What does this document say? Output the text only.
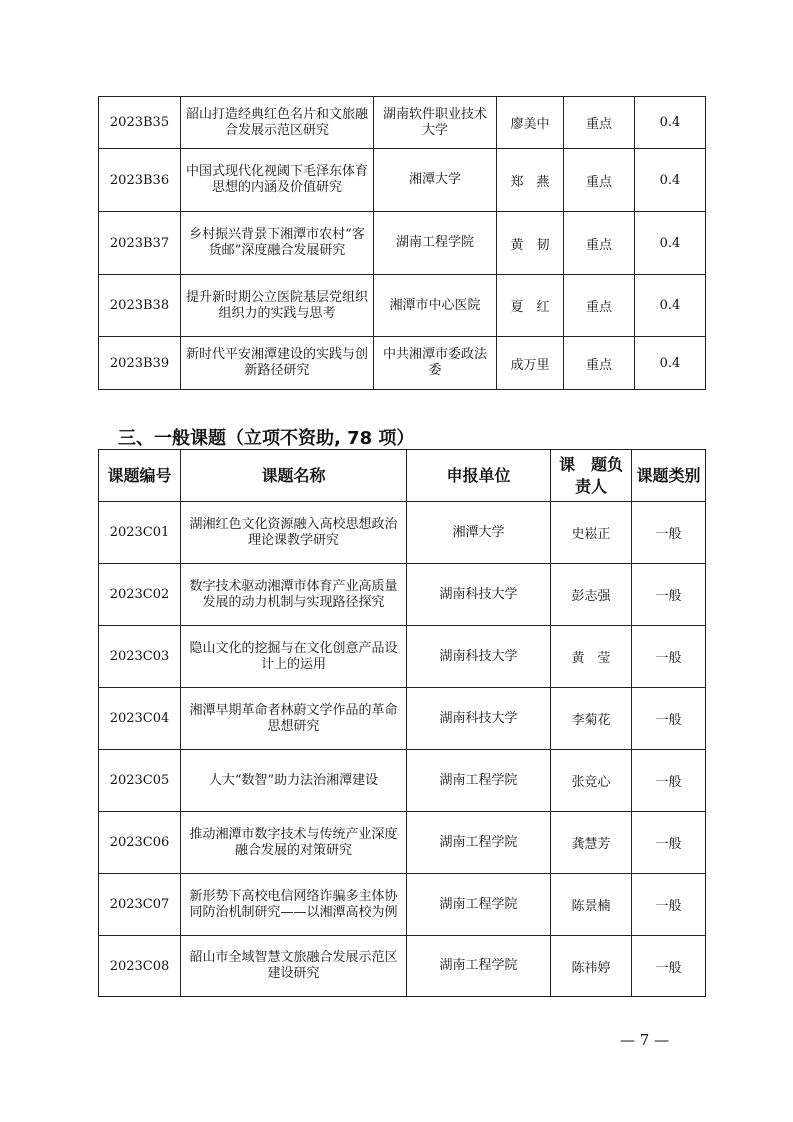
2023B35	韶山打造经典红色名片和文旅融合发展示范区研究	湖南软件职业技术大学	廖美中	重点	0.4
2023B36	中国式现代化视阈下毛泽东体育思想的内涵及价值研究	湘潭大学	郑　燕	重点	0.4
2023B37	乡村振兴背景下湘潭市农村“客货邮”深度融合发展研究	湖南工程学院	黄　韧	重点	0.4
2023B38	提升新时期公立医院基层党组织组织力的实践与思考	湘潭市中心医院	夏　红	重点	0.4
2023B39	新时代平安湘潭建设的实践与创新路径研究	中共湘潭市委政法委	成万里	重点	0.4
三、一般课题（立项不资助, 78 项）
课题编号	课题名称	申报单位	课　题负责人	课题类别
2023C01	湖湘红色文化资源融入高校思想政治理论课教学研究	湘潭大学	史崧正	一般
2023C02	数字技术驱动湘潭市体育产业高质量发展的动力机制与实现路径探究	湖南科技大学	彭志强	一般
2023C03	隐山文化的挖掘与在文化创意产品设计上的运用	湖南科技大学	黄　莹	一般
2023C04	湘潭早期革命者林蔚文学作品的革命思想研究	湖南科技大学	李菊花	一般
2023C05	人大“数智”助力法治湘潭建设	湖南工程学院	张竞心	一般
2023C06	推动湘潭市数字技术与传统产业深度融合发展的对策研究	湖南工程学院	龚慧芳	一般
2023C07	新形势下高校电信网络诈骗多主体协同防治机制研究——以湘潭高校为例	湖南工程学院	陈景楠	一般
2023C08	韶山市全域智慧文旅融合发展示范区建设研究	湖南工程学院	陈祎婷	一般
— 7 —
